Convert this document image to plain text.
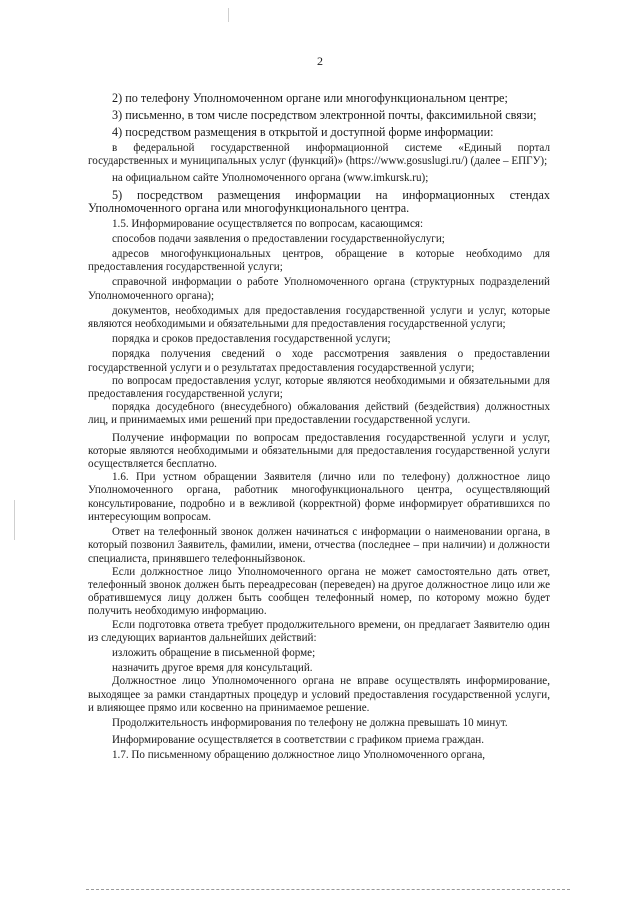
2

2) по телефону Уполномоченном органе или многофункциональном центре;

3) письменно, в том числе посредством электронной почты, факсимильной связи;

4) посредством размещения в открытой и доступной форме информации:

в федеральной государственной информационной системе «Единый портал государственных и муниципальных услуг (функций)» (https://www.gosuslugi.ru/) (далее – ЕПГУ);

на официальном сайте Уполномоченного органа (www.imkursk.ru);

5) посредством размещения информации на информационных стендах Уполномоченного органа или многофункционального центра.

1.5. Информирование осуществляется по вопросам, касающимся:

способов подачи заявления о предоставлении государственнойуслуги;

адресов многофункциональных центров, обращение в которые необходимо для предоставления государственной услуги;

справочной информации о работе Уполномоченного органа (структурных подразделений Уполномоченного органа);

документов, необходимых для предоставления государственной услуги и услуг, которые являются необходимыми и обязательными для предоставления государственной услуги;

порядка и сроков предоставления государственной услуги;

порядка получения сведений о ходе рассмотрения заявления о предоставлении государственной услуги и о результатах предоставления государственной услуги;

по вопросам предоставления услуг, которые являются необходимыми и обязательными для предоставления государственной услуги;

порядка досудебного (внесудебного) обжалования действий (бездействия) должностных лиц, и принимаемых ими решений при предоставлении государственной услуги.

Получение информации по вопросам предоставления государственной услуги и услуг, которые являются необходимыми и обязательными для предоставления государственной услуги осуществляется бесплатно.

1.6. При устном обращении Заявителя (лично или по телефону) должностное лицо Уполномоченного органа, работник многофункционального центра, осуществляющий консультирование, подробно и в вежливой (корректной) форме информирует обратившихся по интересующим вопросам.

Ответ на телефонный звонок должен начинаться с информации о наименовании органа, в который позвонил Заявитель, фамилии, имени, отчества (последнее – при наличии) и должности специалиста, принявшего телефонныйзвонок.

Если должностное лицо Уполномоченного органа не может самостоятельно дать ответ, телефонный звонок должен быть переадресован (переведен) на другое должностное лицо или же обратившемуся лицу должен быть сообщен телефонный номер, по которому можно будет получить необходимую информацию.

Если подготовка ответа требует продолжительного времени, он предлагает Заявителю один из следующих вариантов дальнейших действий:

изложить обращение в письменной форме;

назначить другое время для консультаций.

Должностное лицо Уполномоченного органа не вправе осуществлять информирование, выходящее за рамки стандартных процедур и условий предоставления государственной услуги, и влияющее прямо или косвенно на принимаемое решение.

Продолжительность информирования по телефону не должна превышать 10 минут.

Информирование осуществляется в соответствии с графиком приема граждан.

1.7. По письменному обращению должностное лицо Уполномоченного органа,
